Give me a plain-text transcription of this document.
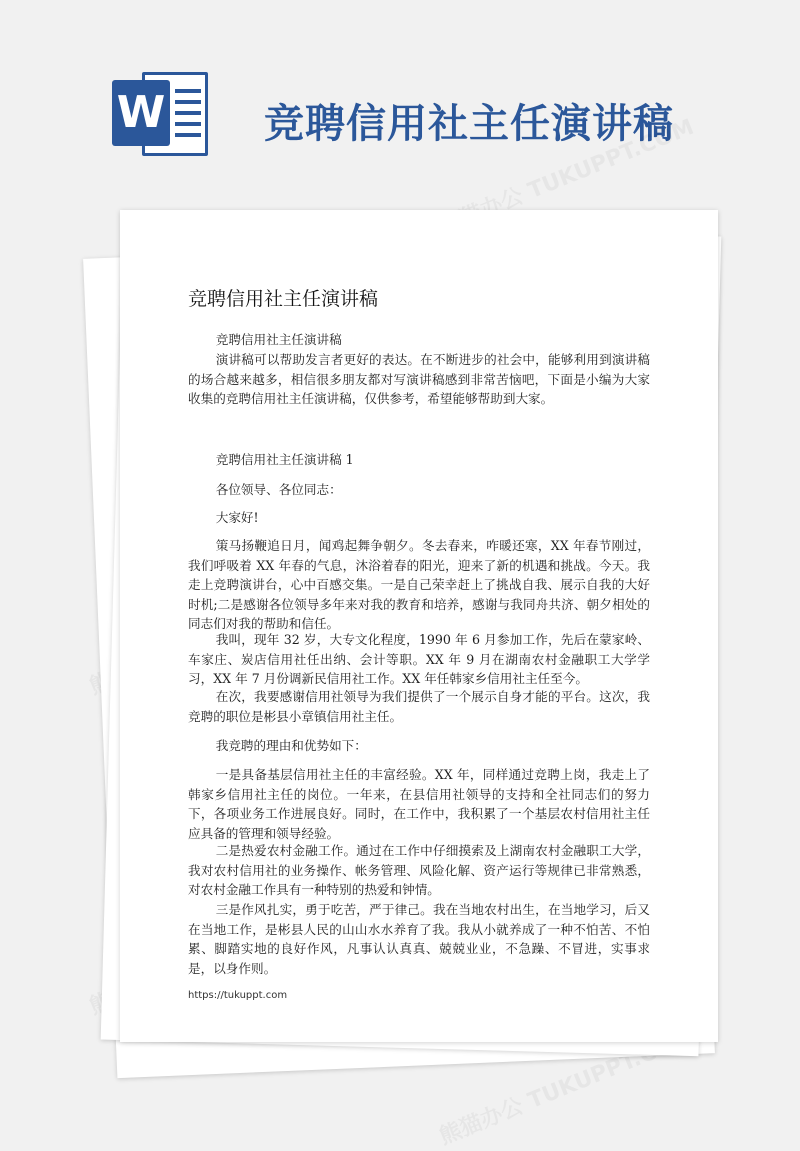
W 竞聘信用社主任演讲稿
竞聘信用社主任演讲稿

竞聘信用社主任演讲稿

演讲稿可以帮助发言者更好的表达。在不断进步的社会中，能够利用到演讲稿的场合越来越多，相信很多朋友都对写演讲稿感到非常苦恼吧，下面是小编为大家收集的竞聘信用社主任演讲稿，仅供参考，希望能够帮助到大家。

竞聘信用社主任演讲稿 1

各位领导、各位同志：

大家好!

策马扬鞭追日月，闻鸡起舞争朝夕。冬去春来，咋暖还寒，XX 年春节刚过，我们呼吸着 XX 年春的气息，沐浴着春的阳光，迎来了新的机遇和挑战。今天。我走上竞聘演讲台，心中百感交集。一是自己荣幸赶上了挑战自我、展示自我的大好时机;二是感谢各位领导多年来对我的教育和培养，感谢与我同舟共济、朝夕相处的同志们对我的帮助和信任。

我叫，现年 32 岁，大专文化程度，1990 年 6 月参加工作，先后在蒙家岭、车家庄、炭店信用社任出纳、会计等职。XX 年 9 月在湖南农村金融职工大学学习，XX 年 7 月份调新民信用社工作。XX 年任韩家乡信用社主任至今。

在次，我要感谢信用社领导为我们提供了一个展示自身才能的平台。这次，我竞聘的职位是彬县小章镇信用社主任。

我竞聘的理由和优势如下：

一是具备基层信用社主任的丰富经验。XX 年，同样通过竞聘上岗，我走上了韩家乡信用社主任的岗位。一年来，在县信用社领导的支持和全社同志们的努力下，各项业务工作进展良好。同时，在工作中，我积累了一个基层农村信用社主任应具备的管理和领导经验。

二是热爱农村金融工作。通过在工作中仔细摸索及上湖南农村金融职工大学，我对农村信用社的业务操作、帐务管理、风险化解、资产运行等规律已非常熟悉，对农村金融工作具有一种特别的热爱和钟情。

三是作风扎实，勇于吃苦，严于律己。我在当地农村出生，在当地学习，后又在当地工作，是彬县人民的山山水水养育了我。我从小就养成了一种不怕苦、不怕累、脚踏实地的良好作风，凡事认认真真、兢兢业业，不急躁、不冒进，实事求是，以身作则。

https://tukuppt.com
